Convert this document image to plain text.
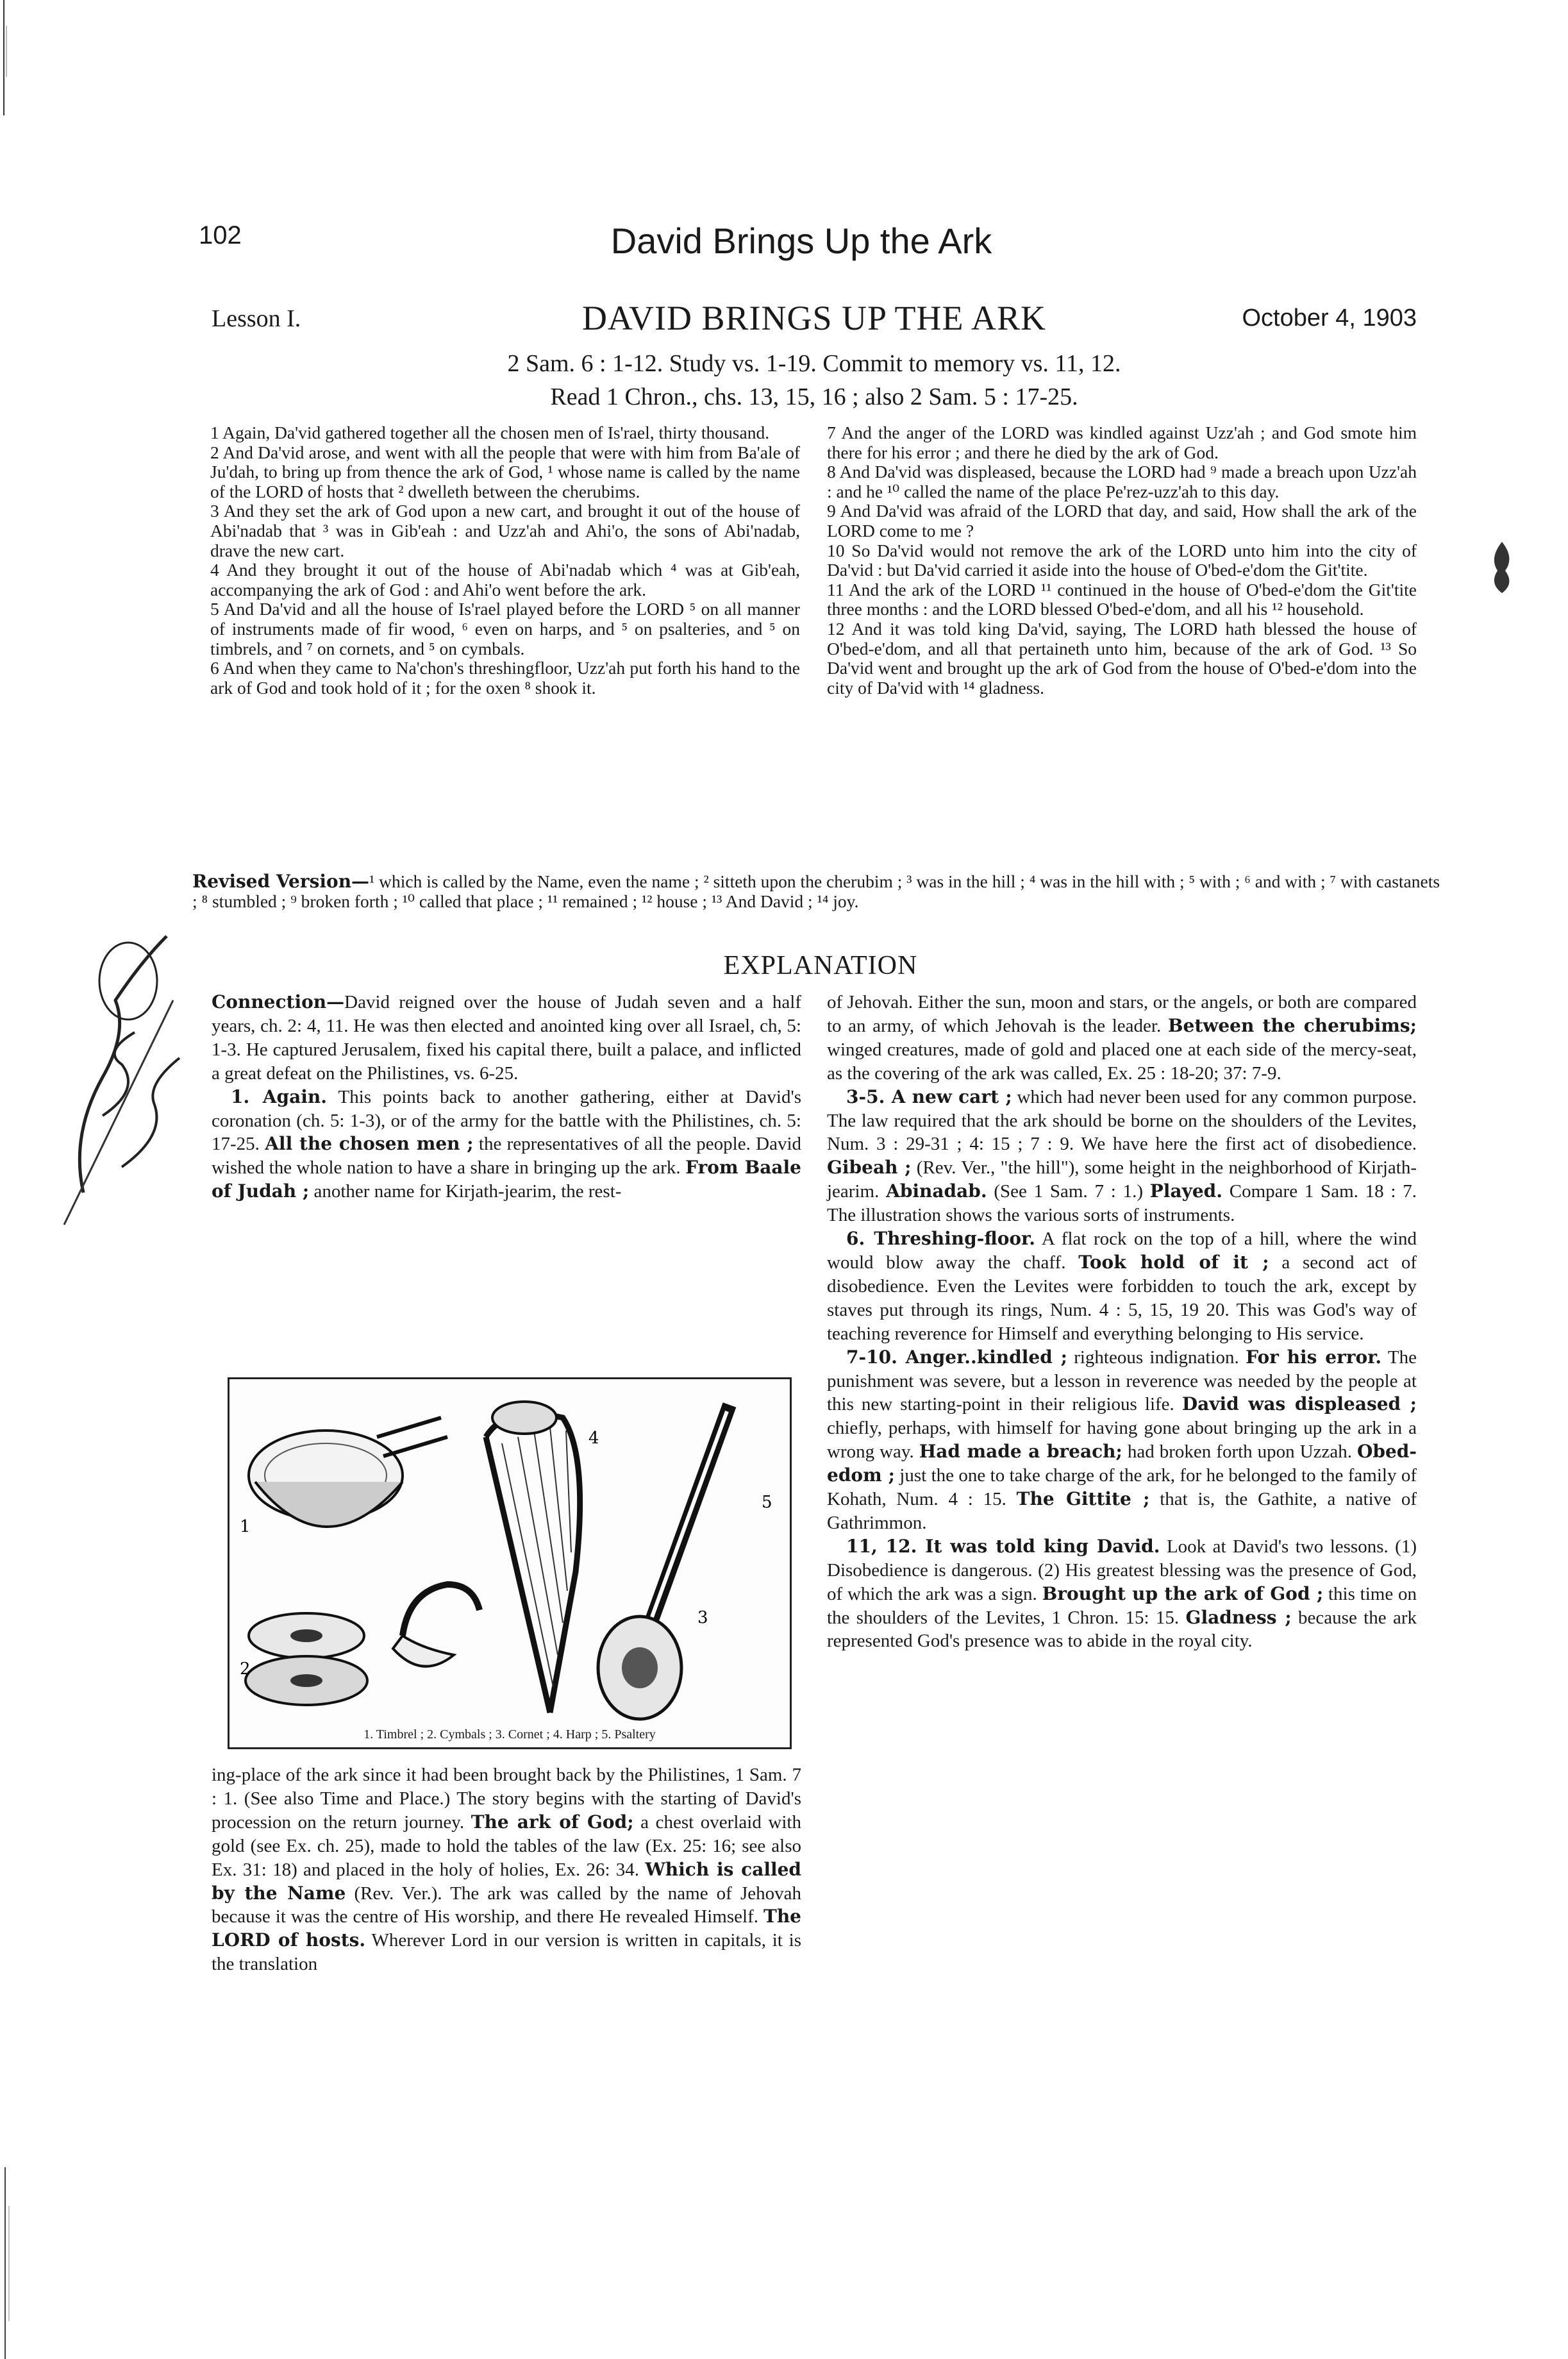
102	David Brings Up the Ark
Lesson I.	DAVID BRINGS UP THE ARK	October 4, 1903
2 Sam. 6 : 1-12. Study vs. 1-19. Commit to memory vs. 11, 12.
Read 1 Chron., chs. 13, 15, 16 ; also 2 Sam. 5 : 17-25.

1 Again, Da'vid gathered together all the chosen men of Is'rael, thirty thousand.

2 And Da'vid arose, and went with all the people that were with him from Ba'ale of Ju'dah, to bring up from thence the ark of God, ¹ whose name is called by the name of the LORD of hosts that ² dwelleth between the cherubims.

3 And they set the ark of God upon a new cart, and brought it out of the house of Abi'nadab that ³ was in Gib'eah : and Uzz'ah and Ahi'o, the sons of Abi'nadab, drave the new cart.

4 And they brought it out of the house of Abi'nadab which ⁴ was at Gib'eah, accompanying the ark of God : and Ahi'o went before the ark.

5 And Da'vid and all the house of Is'rael played before the LORD ⁵ on all manner of instruments made of fir wood, ⁶ even on harps, and ⁵ on psalteries, and ⁵ on timbrels, and ⁷ on cornets, and ⁵ on cymbals.

6 And when they came to Na'chon's threshingfloor, Uzz'ah put forth his hand to the ark of God and took hold of it ; for the oxen ⁸ shook it.

7 And the anger of the LORD was kindled against Uzz'ah ; and God smote him there for his error ; and there he died by the ark of God.

8 And Da'vid was displeased, because the LORD had ⁹ made a breach upon Uzz'ah : and he ¹⁰ called the name of the place Pe'rez-uzz'ah to this day.

9 And Da'vid was afraid of the LORD that day, and said, How shall the ark of the LORD come to me ?

10 So Da'vid would not remove the ark of the LORD unto him into the city of Da'vid : but Da'vid carried it aside into the house of O'bed-e'dom the Git'tite.

11 And the ark of the LORD ¹¹ continued in the house of O'bed-e'dom the Git'tite three months : and the LORD blessed O'bed-e'dom, and all his ¹² household.

12 And it was told king Da'vid, saying, The LORD hath blessed the house of O'bed-e'dom, and all that pertaineth unto him, because of the ark of God. ¹³ So Da'vid went and brought up the ark of God from the house of O'bed-e'dom into the city of Da'vid with ¹⁴ gladness.

Revised Version—¹ which is called by the Name, even the name ; ² sitteth upon the cherubim ; ³ was in the hill ; ⁴ was in the hill with ; ⁵ with ; ⁶ and with ; ⁷ with castanets ; ⁸ stumbled ; ⁹ broken forth ; ¹⁰ called that place ; ¹¹ remained ; ¹² house ; ¹³ And David ; ¹⁴ joy.

EXPLANATION

Connection—David reigned over the house of Judah seven and a half years, ch. 2: 4, 11. He was then elected and anointed king over all Israel, ch, 5: 1-3. He captured Jerusalem, fixed his capital there, built a palace, and inflicted a great defeat on the Philistines, vs. 6-25.

1. Again. This points back to another gathering, either at David's coronation (ch. 5: 1-3), or of the army for the battle with the Philistines, ch. 5: 17-25. All the chosen men ; the representatives of all the people. David wished the whole nation to have a share in bringing up the ark. From Baale of Judah ; another name for Kirjath-jearim, the rest-

1
2
3
4
5
1. Timbrel ; 2. Cymbals ; 3. Cornet ; 4. Harp ; 5. Psaltery

ing-place of the ark since it had been brought back by the Philistines, 1 Sam. 7 : 1. (See also Time and Place.) The story begins with the starting of David's procession on the return journey. The ark of God; a chest overlaid with gold (see Ex. ch. 25), made to hold the tables of the law (Ex. 25: 16; see also Ex. 31: 18) and placed in the holy of holies, Ex. 26: 34. Which is called by the Name (Rev. Ver.). The ark was called by the name of Jehovah because it was the centre of His worship, and there He revealed Himself. The LORD of hosts. Wherever Lord in our version is written in capitals, it is the translation

of Jehovah. Either the sun, moon and stars, or the angels, or both are compared to an army, of which Jehovah is the leader. Between the cherubims; winged creatures, made of gold and placed one at each side of the mercy-seat, as the covering of the ark was called, Ex. 25 : 18-20; 37: 7-9.

3-5. A new cart ; which had never been used for any common purpose. The law required that the ark should be borne on the shoulders of the Levites, Num. 3 : 29-31 ; 4: 15 ; 7 : 9. We have here the first act of disobedience. Gibeah ; (Rev. Ver., "the hill"), some height in the neighborhood of Kirjath-jearim. Abinadab. (See 1 Sam. 7 : 1.) Played. Compare 1 Sam. 18 : 7. The illustration shows the various sorts of instruments.

6. Threshing-floor. A flat rock on the top of a hill, where the wind would blow away the chaff. Took hold of it ; a second act of disobedience. Even the Levites were forbidden to touch the ark, except by staves put through its rings, Num. 4 : 5, 15, 19 20. This was God's way of teaching reverence for Himself and everything belonging to His service.

7-10. Anger..kindled ; righteous indignation. For his error. The punishment was severe, but a lesson in reverence was needed by the people at this new starting-point in their religious life. David was displeased ; chiefly, perhaps, with himself for having gone about bringing up the ark in a wrong way. Had made a breach; had broken forth upon Uzzah. Obed-edom ; just the one to take charge of the ark, for he belonged to the family of Kohath, Num. 4 : 15. The Gittite ; that is, the Gathite, a native of Gathrimmon.

11, 12. It was told king David. Look at David's two lessons. (1) Disobedience is dangerous. (2) His greatest blessing was the presence of God, of which the ark was a sign. Brought up the ark of God ; this time on the shoulders of the Levites, 1 Chron. 15: 15. Gladness ; because the ark represented God's presence was to abide in the royal city.
